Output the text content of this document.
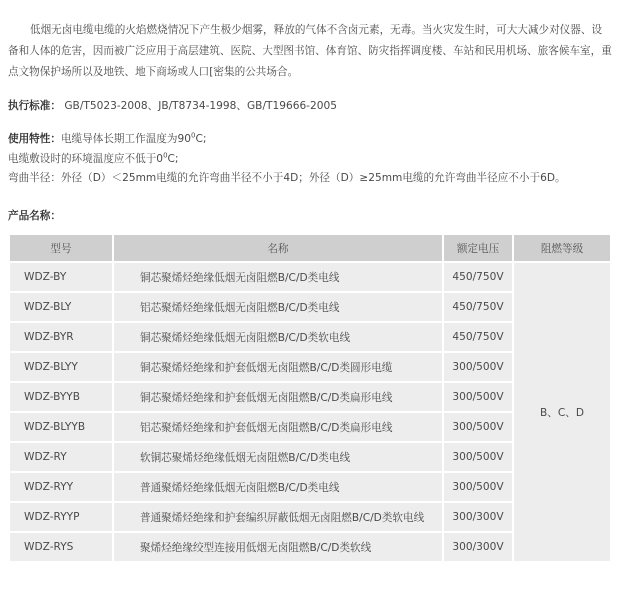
低烟无卤电缆电缆的火焰燃烧情况下产生极少烟雾，释放的气体不含卤元素，无毒。当火灾发生时，可大大减少对仪器、设备和人体的危害，因而被广泛应用于高层建筑、医院、大型图书馆、体育馆、防灾指挥调度楼、车站和民用机场、旅客候车室，重点文物保护场所以及地铁、地下商场或人口[密集的公共场合。

执行标准： GB/T5023-2008、JB/T8734-1998、GB/T19666-2005
使用特性：电缆导体长期工作温度为$90^0C$;
电缆敷设时的环境温度应不低于$0^0C$;
弯曲半径：外径（D）＜25mm电缆的允许弯曲半径不小于4D；外径（D）≥25mm电缆的允许弯曲半径应不小于6D。
产品名称：
型号	名称	额定电压	阻燃等级
WDZ-BY	铜芯聚烯烃绝缘低烟无卤阻燃B/C/D类电线	450/750V	B、C、D
WDZ-BLY	铝芯聚烯烃绝缘低烟无卤阻燃B/C/D类电线	450/750V	
WDZ-BYR	铜芯聚烯烃绝缘低烟无卤阻燃B/C/D类软电线	450/750V	
WDZ-BLYY	铜芯聚烯烃绝缘和护套低烟无卤阻燃B/C/D类圆形电缆	300/500V	
WDZ-BYYB	铜芯聚烯烃绝缘和护套低烟无卤阻燃B/C/D类扁形电线	300/500V	
WDZ-BLYYB	铝芯聚烯烃绝缘和护套低烟无卤阻燃B/C/D类扁形电线	300/500V	
WDZ-RY	软铜芯聚烯烃绝缘低烟无卤阻燃B/C/D类电线	300/500V	
WDZ-RYY	普通聚烯烃绝缘低烟无卤阻燃B/C/D类电线	300/500V	
WDZ-RYYP	普通聚烯烃绝缘和护套编织屏蔽低烟无卤阻燃B/C/D类软电线	300/300V	
WDZ-RYS	聚烯烃绝缘绞型连接用低烟无卤阻燃B/C/D类软线	300/300V	
